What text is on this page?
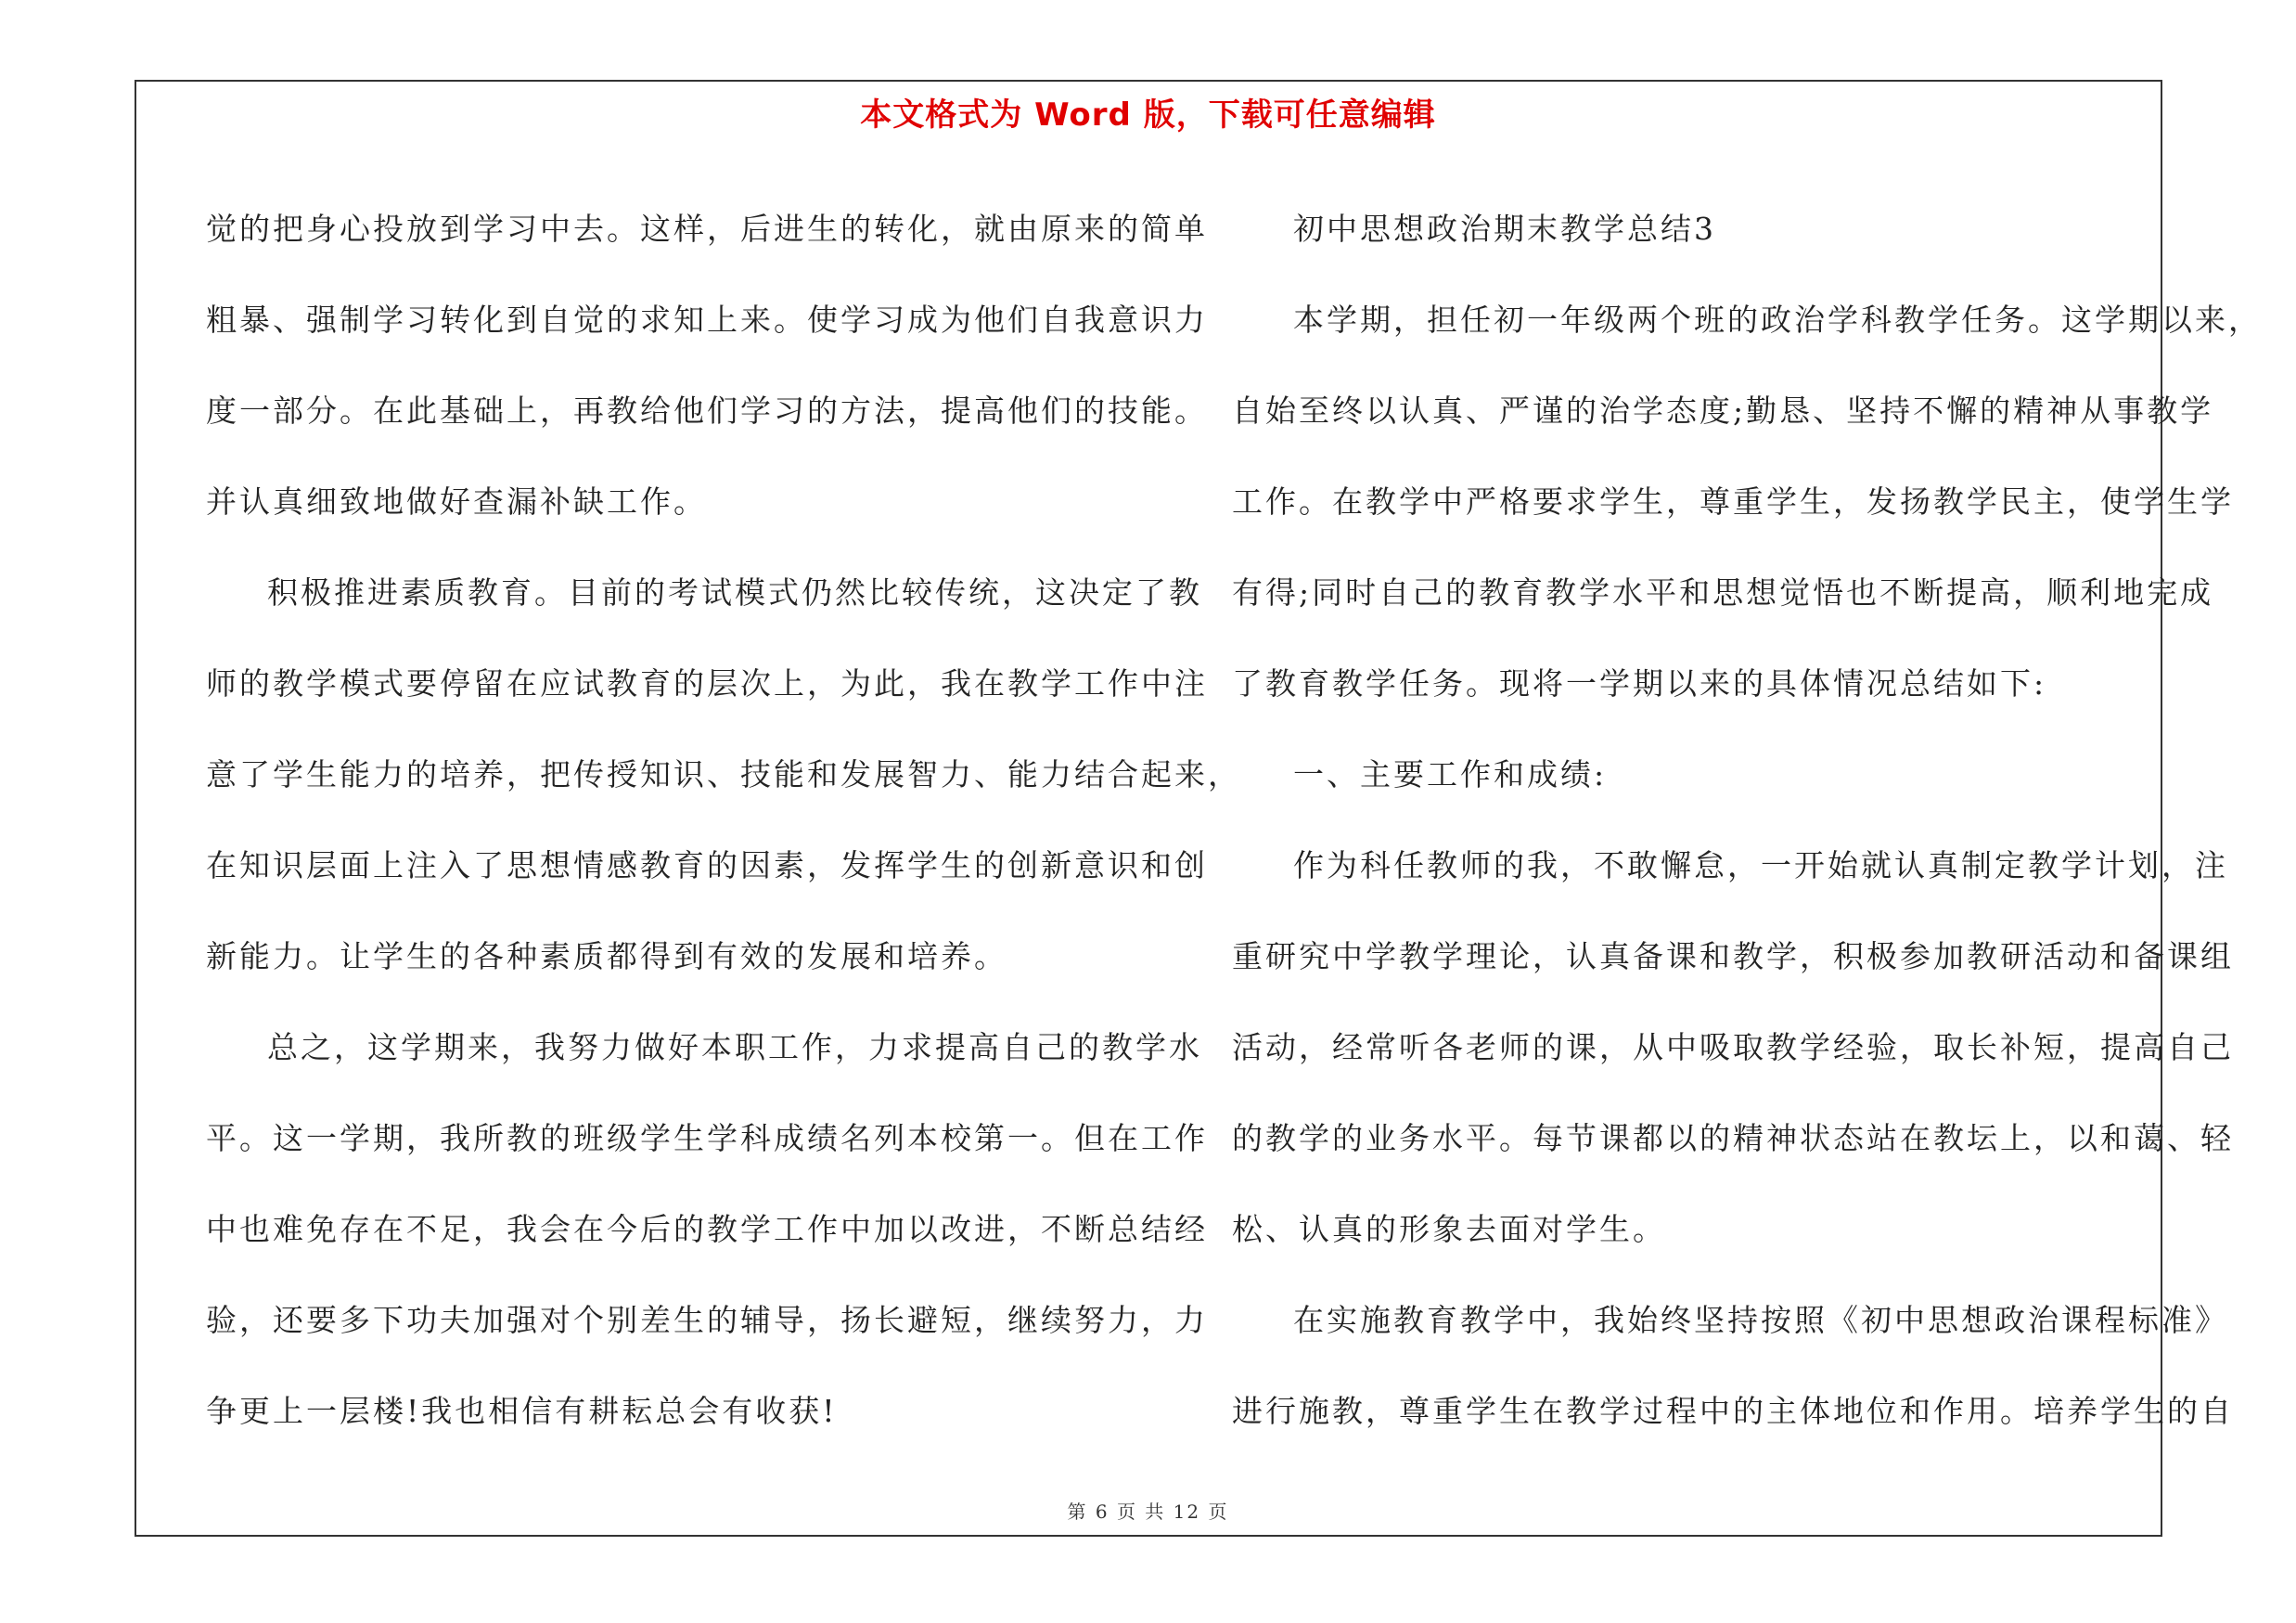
本文格式为 Word 版，下载可任意编辑
觉的把身心投放到学习中去。这样，后进生的转化，就由原来的简单
粗暴、强制学习转化到自觉的求知上来。使学习成为他们自我意识力
度一部分。在此基础上，再教给他们学习的方法，提高他们的技能。
并认真细致地做好查漏补缺工作。
积极推进素质教育。目前的考试模式仍然比较传统，这决定了教
师的教学模式要停留在应试教育的层次上，为此，我在教学工作中注
意了学生能力的培养，把传授知识、技能和发展智力、能力结合起来，
在知识层面上注入了思想情感教育的因素，发挥学生的创新意识和创
新能力。让学生的各种素质都得到有效的发展和培养。
总之，这学期来，我努力做好本职工作，力求提高自己的教学水
平。这一学期，我所教的班级学生学科成绩名列本校第一。但在工作
中也难免存在不足，我会在今后的教学工作中加以改进，不断总结经
验，还要多下功夫加强对个别差生的辅导，扬长避短，继续努力，力
争更上一层楼!我也相信有耕耘总会有收获!
初中思想政治期末教学总结3
本学期，担任初一年级两个班的政治学科教学任务。这学期以来，
自始至终以认真、严谨的治学态度;勤恳、坚持不懈的精神从事教学
工作。在教学中严格要求学生，尊重学生，发扬教学民主，使学生学
有得;同时自己的教育教学水平和思想觉悟也不断提高，顺利地完成
了教育教学任务。现将一学期以来的具体情况总结如下:
一、主要工作和成绩:
作为科任教师的我，不敢懈怠，一开始就认真制定教学计划，注
重研究中学教学理论，认真备课和教学，积极参加教研活动和备课组
活动，经常听各老师的课，从中吸取教学经验，取长补短，提高自己
的教学的业务水平。每节课都以的精神状态站在教坛上，以和蔼、轻
松、认真的形象去面对学生。
在实施教育教学中，我始终坚持按照《初中思想政治课程标准》
进行施教，尊重学生在教学过程中的主体地位和作用。培养学生的自
第 6 页 共 12 页
